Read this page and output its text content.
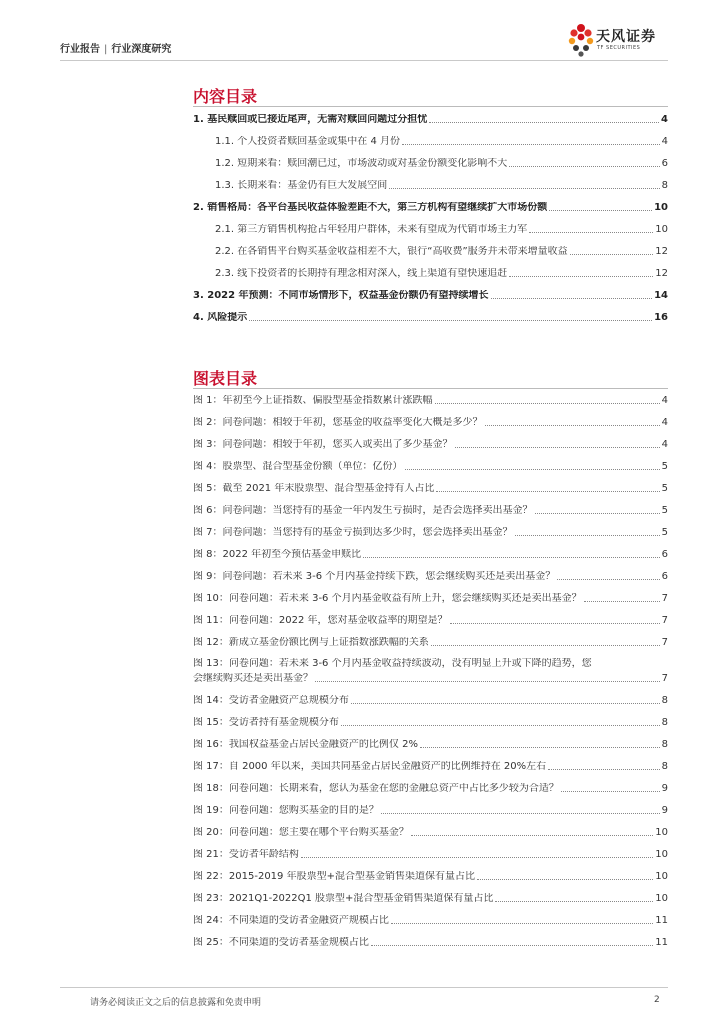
行业报告 | 行业深度研究
天风证券
TF SECURITIES
内容目录
1. 基民赎回或已接近尾声，无需对赎回问题过分担忧	4
1.1. 个人投资者赎回基金或集中在 4 月份	4
1.2. 短期来看：赎回潮已过，市场波动或对基金份额变化影响不大	6
1.3. 长期来看：基金仍有巨大发展空间	8
2. 销售格局：各平台基民收益体验差距不大，第三方机构有望继续扩大市场份额	10
2.1. 第三方销售机构抢占年轻用户群体，未来有望成为代销市场主力军	10
2.2. 在各销售平台购买基金收益相差不大，银行“高收费”服务并未带来增量收益	12
2.3. 线下投资者的长期持有理念相对深入，线上渠道有望快速追赶	12
3. 2022 年预测：不同市场情形下，权益基金份额仍有望持续增长	14
4. 风险提示	16
图表目录
图 1：年初至今上证指数、偏股型基金指数累计涨跌幅	4
图 2：问卷问题：相较于年初，您基金的收益率变化大概是多少？	4
图 3：问卷问题：相较于年初，您买入或卖出了多少基金？	4
图 4：股票型、混合型基金份额（单位：亿份）	5
图 5：截至 2021 年末股票型、混合型基金持有人占比	5
图 6：问卷问题：当您持有的基金一年内发生亏损时，是否会选择卖出基金？	5
图 7：问卷问题：当您持有的基金亏损到达多少时，您会选择卖出基金？	5
图 8：2022 年初至今预估基金申赎比	6
图 9：问卷问题：若未来 3-6 个月内基金持续下跌，您会继续购买还是卖出基金？	6
图 10：问卷问题：若未来 3-6 个月内基金收益有所上升，您会继续购买还是卖出基金？	7
图 11：问卷问题：2022 年，您对基金收益率的期望是？	7
图 12：新成立基金份额比例与上证指数涨跌幅的关系	7
图 13：问卷问题：若未来 3-6 个月内基金收益持续波动，没有明显上升或下降的趋势，您
会继续购买还是卖出基金？	7
图 14：受访者金融资产总规模分布	8
图 15：受访者持有基金规模分布	8
图 16：我国权益基金占居民金融资产的比例仅 2%	8
图 17：自 2000 年以来，美国共同基金占居民金融资产的比例维持在 20%左右	8
图 18：问卷问题：长期来看，您认为基金在您的金融总资产中占比多少较为合适？	9
图 19：问卷问题：您购买基金的目的是？	9
图 20：问卷问题：您主要在哪个平台购买基金？	10
图 21：受访者年龄结构	10
图 22：2015-2019 年股票型+混合型基金销售渠道保有量占比	10
图 23：2021Q1-2022Q1 股票型+混合型基金销售渠道保有量占比	10
图 24：不同渠道的受访者金融资产规模占比	11
图 25：不同渠道的受访者基金规模占比	11
请务必阅读正文之后的信息披露和免责申明	2
